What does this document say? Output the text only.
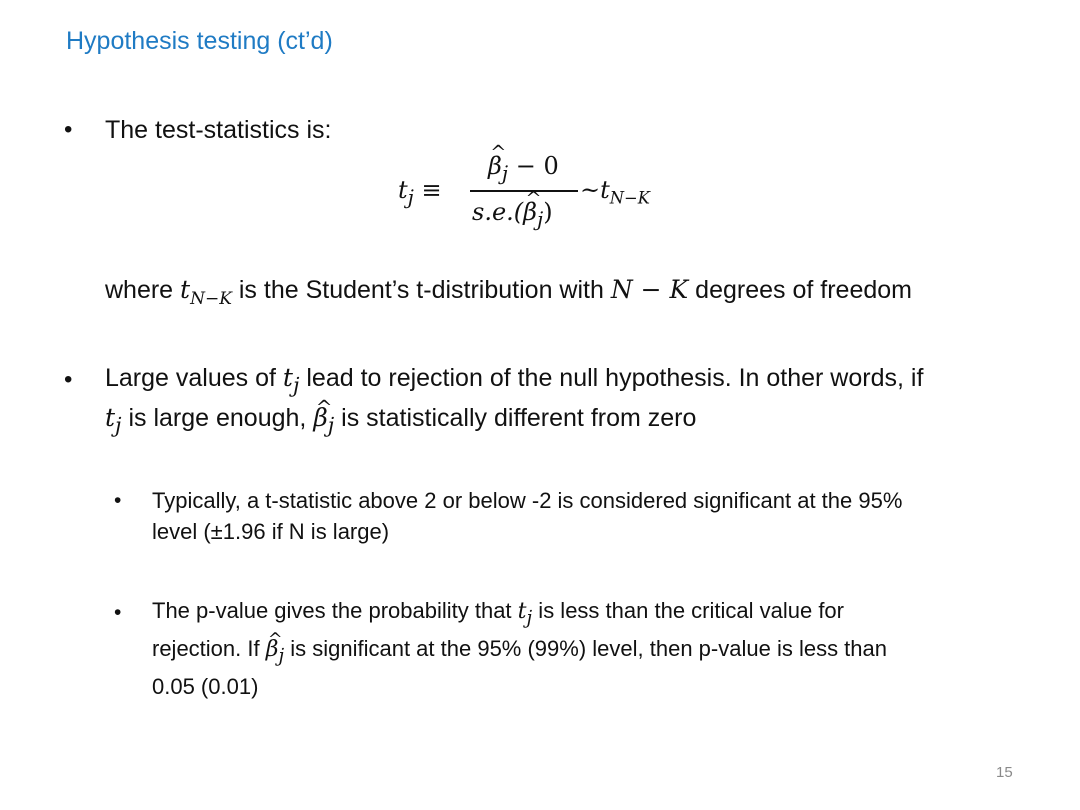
Hypothesis testing (ct’d)
• The test-statistics is:
$t_j$ ≡
^ $\beta_j - 0$
s.e.(^ $\beta_j$)
$\sim t_{N-K}$
where $t_{N-K}$ is the Student’s t-distribution with N − K degrees of freedom
• Large values of $t_j$ lead to rejection of the null hypothesis. In other words, if
$t_j$ is large enough, ^ $\beta_j$ is statistically different from zero
• Typically, a t-statistic above 2 or below -2 is considered significant at the 95%
level (±1.96 if N is large)
• The p-value gives the probability that $t_j$ is less than the critical value for
rejection. If ^ $\beta_j$ is significant at the 95% (99%) level, then p-value is less than
0.05 (0.01)
15
